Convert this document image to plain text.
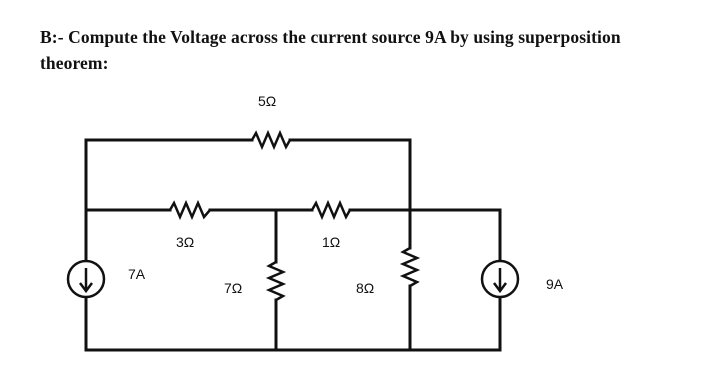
B:- Compute the Voltage across the current source 9A by using superposition
theorem:
5Ω
3Ω	1Ω
7Ω	8Ω
7A
9A
